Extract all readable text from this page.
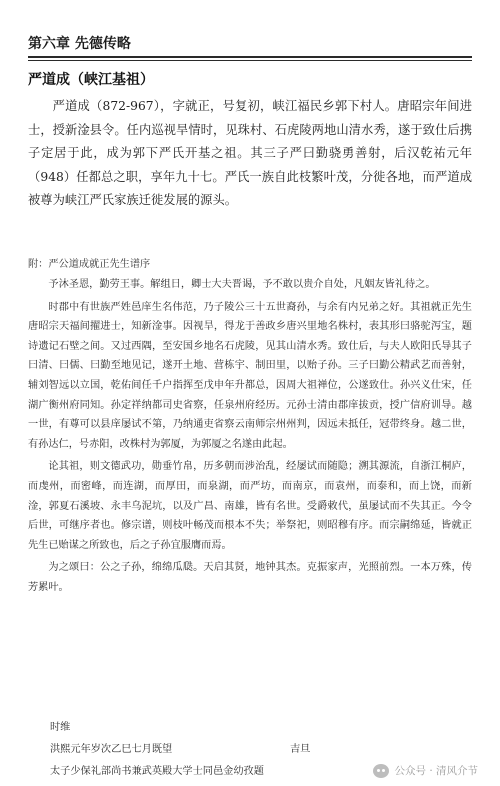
第六章 先德传略
严道成（峡江基祖）

严道成（872-967），字就正，号复初，峡江福民乡郭下村人。唐昭宗年间进士，授新淦县令。任内巡视旱情时，见珠村、石虎陵两地山清水秀，遂于致仕后携子定居于此，成为郭下严氏开基之祖。其三子严曰勤骁勇善射，后汉乾祐元年（948）任都总之职，享年九十七。严氏一族自此枝繁叶茂，分徙各地，而严道成被尊为峡江严氏家族迁徙发展的源头。

附：严公道成就正先生谱序

予沐圣恩，勤劳王事。解组日，卿士大夫晋谒，予不敢以贵介自处，凡姻友皆礼待之。

时郡中有世族严姓邑庠生名伟范，乃子陵公三十五世裔孙，与余有内兄弟之好。其祖就正先生唐昭宗天福间擢进士，知新淦事。因视旱，得龙于善政乡唐兴里地名株村，表其形曰骆驼泻宝，题诗遗记石壁之间。又过西隅，至安国乡地名石虎陵，见其山清水秀。致仕后，与夫人欧阳氏导其子曰清、曰儒、曰勤至地见记，遂开土地、营栋宇、制田里，以贻子孙。三子曰勤公精武艺而善射，辅刘智远以立国，乾佑间任千户指挥至戊申年升都总，因周大祖禅位，公遂致仕。孙兴义仕宋，任湖广衡州府同知。孙定祥纳都司史省察，任泉州府经历。元孙士清由郡庠拔贡，授广信府训导。越一世，有尊可以县庠屡试不第，乃纳通吏省察云南师宗州州判，因远未抵任，冠带终身。越二世，有孙达仁，号赤阳，改株村为郭厦，为郭厦之名遂由此起。

论其祖，则文德武功，勋垂竹帛，历多朝而涉治乱，经屡试而随隐；溯其源流，自浙江桐庐，而虔州，而密峰，而连湖，而厚田，而泉湖，而严坊，而南京，而袁州，而泰和，而上饶，而新淦，郭夏石溪坡、永丰乌泥坑，以及广昌、南雄，皆有名世。受爵敕代，虽屡试而不失其正。今令后世，可继序者也。修宗谱，则枝叶畅茂而根本不失；举祭祀，则昭穆有序。而宗嗣绵延，皆就正先生已贻谋之所致也，后之子孙宜服膺而焉。

为之颂曰：公之子孙，绵绵瓜瓞。天启其贤，地钟其杰。克振家声，光照前烈。一本万殊，传芳累叶。

时维
洪熙元年岁次乙巳七月既望	吉旦
太子少保礼部尚书兼武英殿大学士同邑金幼孜题	公众号 · 清风介节
